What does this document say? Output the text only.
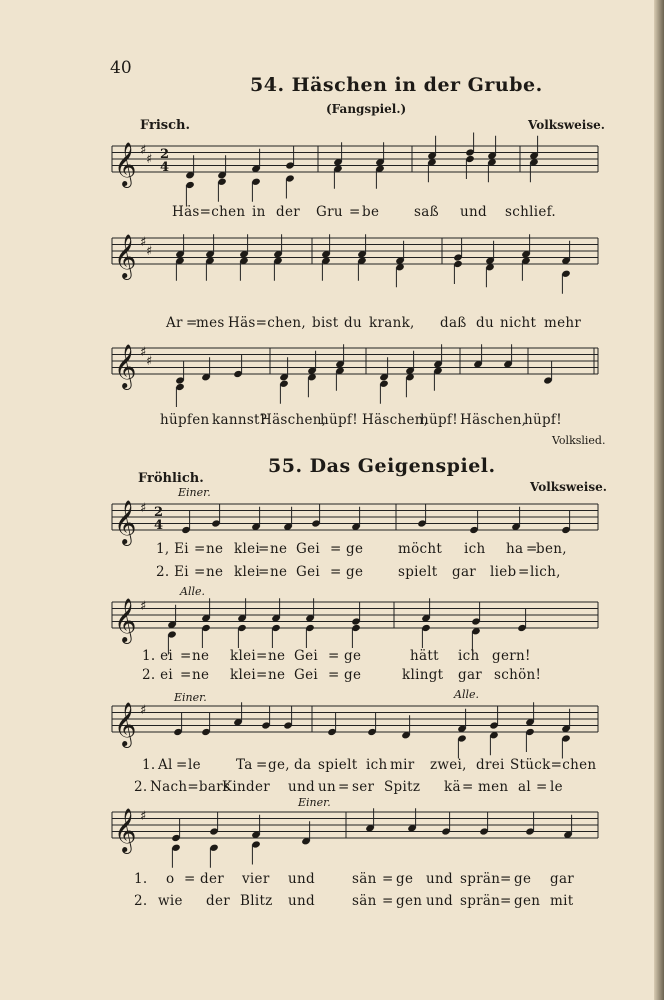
40
54. Häschen in der Grube.
(Fangspiel.)
Frisch.	Volksweise.
𝄞 ♯
♯ 2
4
𝄞 ♯
♯
𝄞 ♯
♯
Häs=chen in der Gru = be	saß und schlief.
Ar =
mes Häs=chen, bist du krank, daß du nicht mehr
hüpfen kannst?
Häschen,
hüpf! Häschen,
hüpf! Häschen,
hüpf!
Volkslied.
55. Das Geigenspiel.
Fröhlich.
Volksweise.
Einer.
𝄞 ♯ 2
4
1, Ei = ne klei
= ne Gei = ge	möcht ich ha =
ben,
2. Ei = ne klei
= ne Gei = ge	spielt gar lieb = lich,
Alle.
𝄞 ♯
1. ei = ne klei = ne Gei = ge	hätt ich gern!
2. ei = ne klei = ne Gei = ge	klingt gar schön!
Einer.	Alle.
𝄞 ♯
1. Al = le	Ta = ge, da spielt ich mir zwei, drei Stück=chen
2. Nach=bars
Kinder und un = ser Spitz kä = men al = le
Einer.
𝄞 ♯
1. o = der vier und	sän = ge und sprän = ge gar
2. wie der Blitz und	sän = gen und sprän = gen mit
